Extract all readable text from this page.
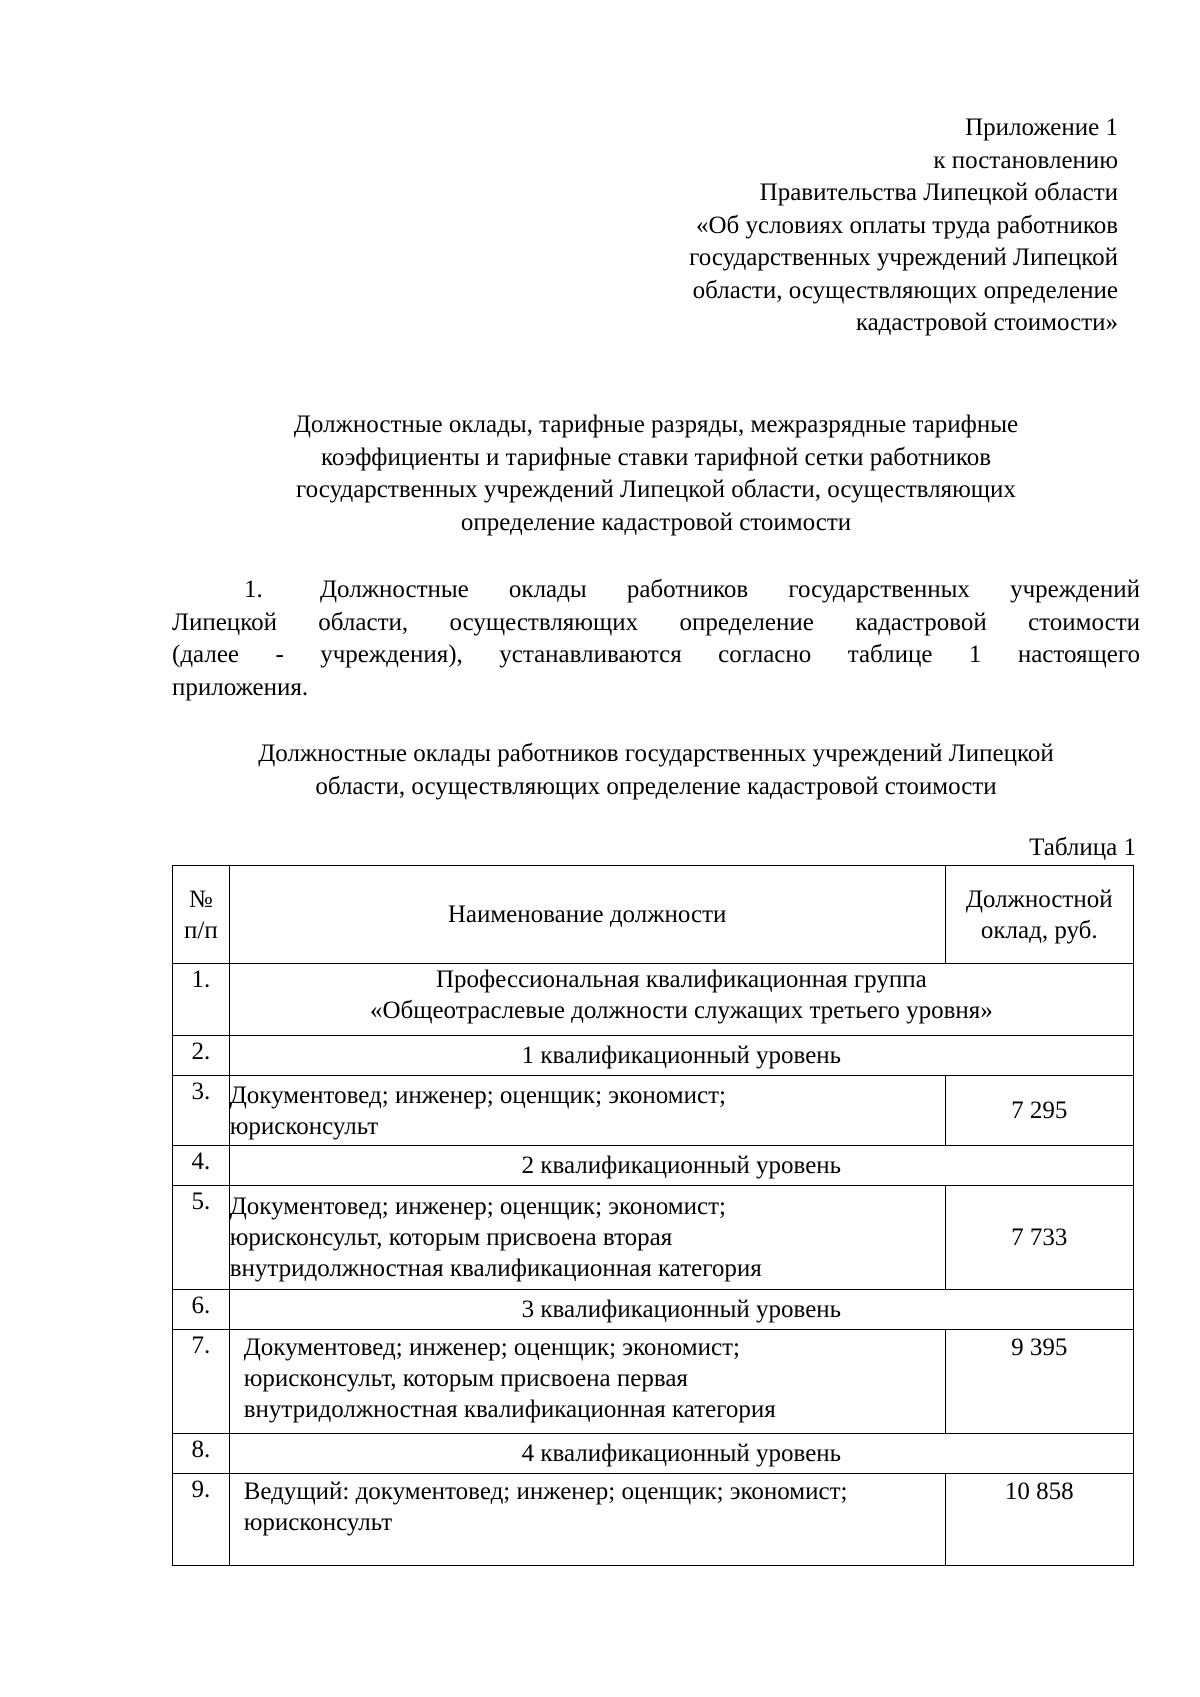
Приложение 1
к постановлению
Правительства Липецкой области
«Об условиях оплаты труда работников
государственных учреждений Липецкой
области, осуществляющих определение
кадастровой стоимости»
Должностные оклады, тарифные разряды, межразрядные тарифные
коэффициенты и тарифные ставки тарифной сетки работников
государственных учреждений Липецкой области, осуществляющих
определение кадастровой стоимости
1. Должностные оклады работников государственных учреждений
Липецкой области, осуществляющих определение кадастровой стоимости
(далее - учреждения), устанавливаются согласно таблице 1 настоящего
приложения.
Должностные оклады работников государственных учреждений Липецкой
области, осуществляющих определение кадастровой стоимости
Таблица 1
№
п/п	Наименование должности	Должностной
оклад, руб.

1.	Профессиональная квалификационная группа
«Общеотраслевые должности служащих третьего уровня»	

2.	1 квалификационный уровень	
3.	Документовед; инженер; оценщик; экономист;
юрисконсульт	7 295
4.	2 квалификационный уровень	
5.	Документовед; инженер; оценщик; экономист;
юрисконсульт, которым присвоена вторая
внутридолжностная квалификационная категория	7 733
6.	3 квалификационный уровень	
7.	Документовед; инженер; оценщик; экономист;
юрисконсульт, которым присвоена первая
внутридолжностная квалификационная категория	9 395
8.	4 квалификационный уровень	
9.	Ведущий: документовед; инженер; оценщик; экономист;
юрисконсульт	10 858
